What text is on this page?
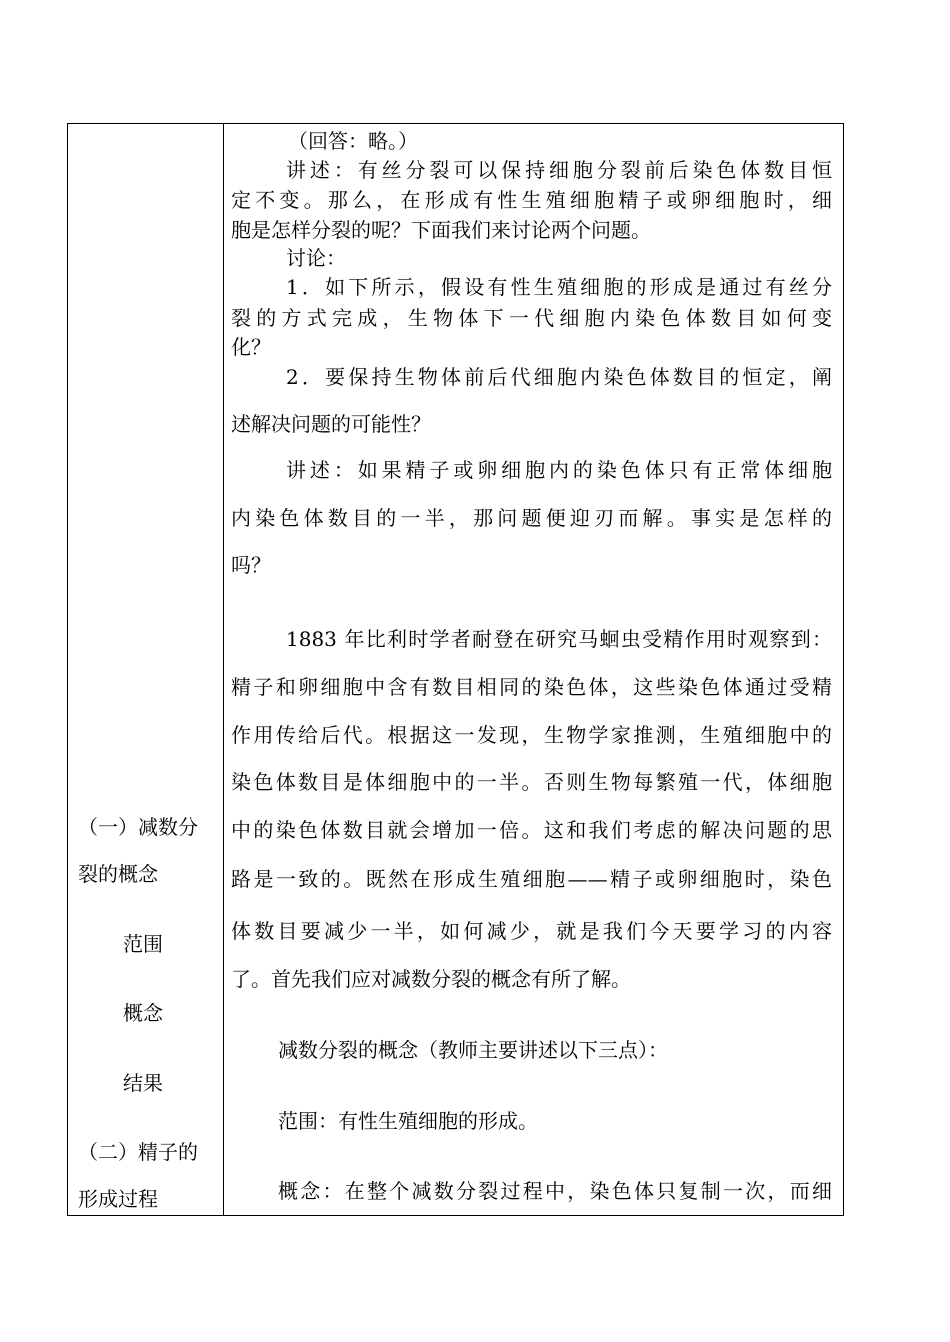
（一）减数分
裂的概念
范围
概念
结果
（二）精子的
形成过程
（回答：略。）
讲述：有丝分裂可以保持细胞分裂前后染色体数目恒
定不变。那么，在形成有性生殖细胞精子或卵细胞时，细
胞是怎样分裂的呢？下面我们来讨论两个问题。
讨论：
1．如下所示，假设有性生殖细胞的形成是通过有丝分
裂的方式完成，生物体下一代细胞内染色体数目如何变
化？
2．要保持生物体前后代细胞内染色体数目的恒定，阐
述解决问题的可能性？
讲述：如果精子或卵细胞内的染色体只有正常体细胞
内染色体数目的一半，那问题便迎刃而解。事实是怎样的
吗？
1883 年比利时学者耐登在研究马蛔虫受精作用时观察到：
精子和卵细胞中含有数目相同的染色体，这些染色体通过受精
作用传给后代。根据这一发现，生物学家推测，生殖细胞中的
染色体数目是体细胞中的一半。否则生物每繁殖一代，体细胞
中的染色体数目就会增加一倍。这和我们考虑的解决问题的思
路是一致的。既然在形成生殖细胞——精子或卵细胞时，染色
体数目要减少一半，如何减少，就是我们今天要学习的内容
了。首先我们应对减数分裂的概念有所了解。
减数分裂的概念（教师主要讲述以下三点）：
范围：有性生殖细胞的形成。
概念：在整个减数分裂过程中，染色体只复制一次，而细
